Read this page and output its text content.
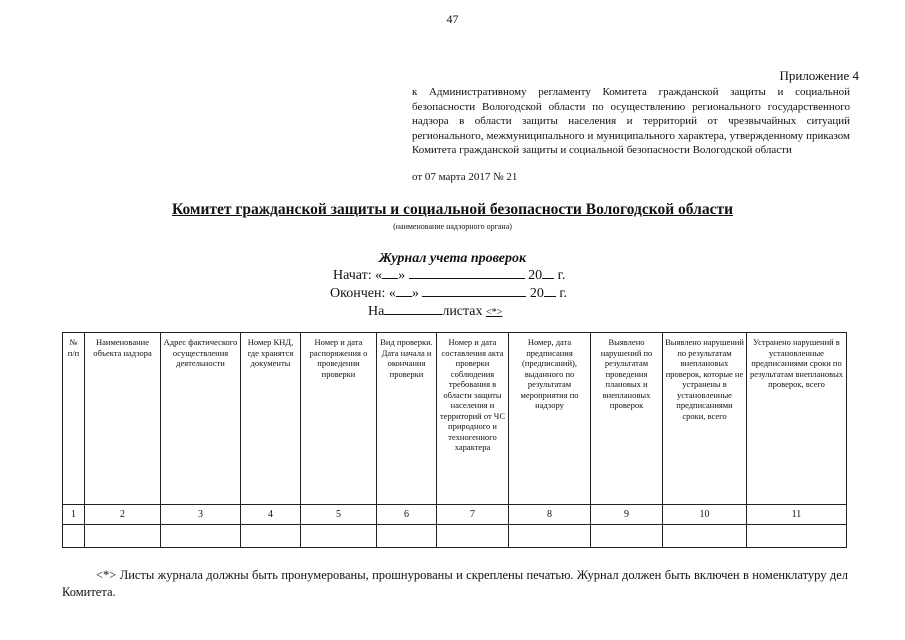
47
Приложение 4
к Административному регламенту Комитета гражданской защиты и социальной безопасности Вологодской области по осуществлению регионального государственного надзора в области защиты населения и территорий от чрезвычайных ситуаций регионального, межмуниципального и муниципального характера, утвержденному приказом Комитета гражданской защиты и социальной безопасности Вологодской области
от 07 марта 2017 № 21
Комитет гражданской защиты и социальной безопасности Вологодской области
(наименование надзорного органа)
Журнал учета проверок
Начат: « »	20 г.
Окончен: « »	20 г.
На	листах <*>
№ п/п	Наименование объекта надзора	Адрес фактического осуществления деятельности	Номер КНД, где хранятся документы	Номер и дата распоряжения о проведении проверки	Вид проверки. Дата начала и окончания проверки	Номер и дата составления акта проверки соблюдения требования в области защиты населения и территорий от ЧС природного и техногенного характера	Номер, дата предписания (предписаний), выданного по результатам мероприятия по надзору	Выявлено нарушений по результатам проведения плановых и внеплановых проверок	Выявлено нарушений по результатам внеплановых проверок, которые не устранены в установленные предписаниями сроки, всего	Устранено нарушений в установленные предписаниями сроки по результатам внеплановых проверок, всего
1	2	3	4	5	6	7	8	9	10	11

<*> Листы журнала должны быть пронумерованы, прошнурованы и скреплены печатью. Журнал должен быть включен в номенклатуру дел Комитета.
